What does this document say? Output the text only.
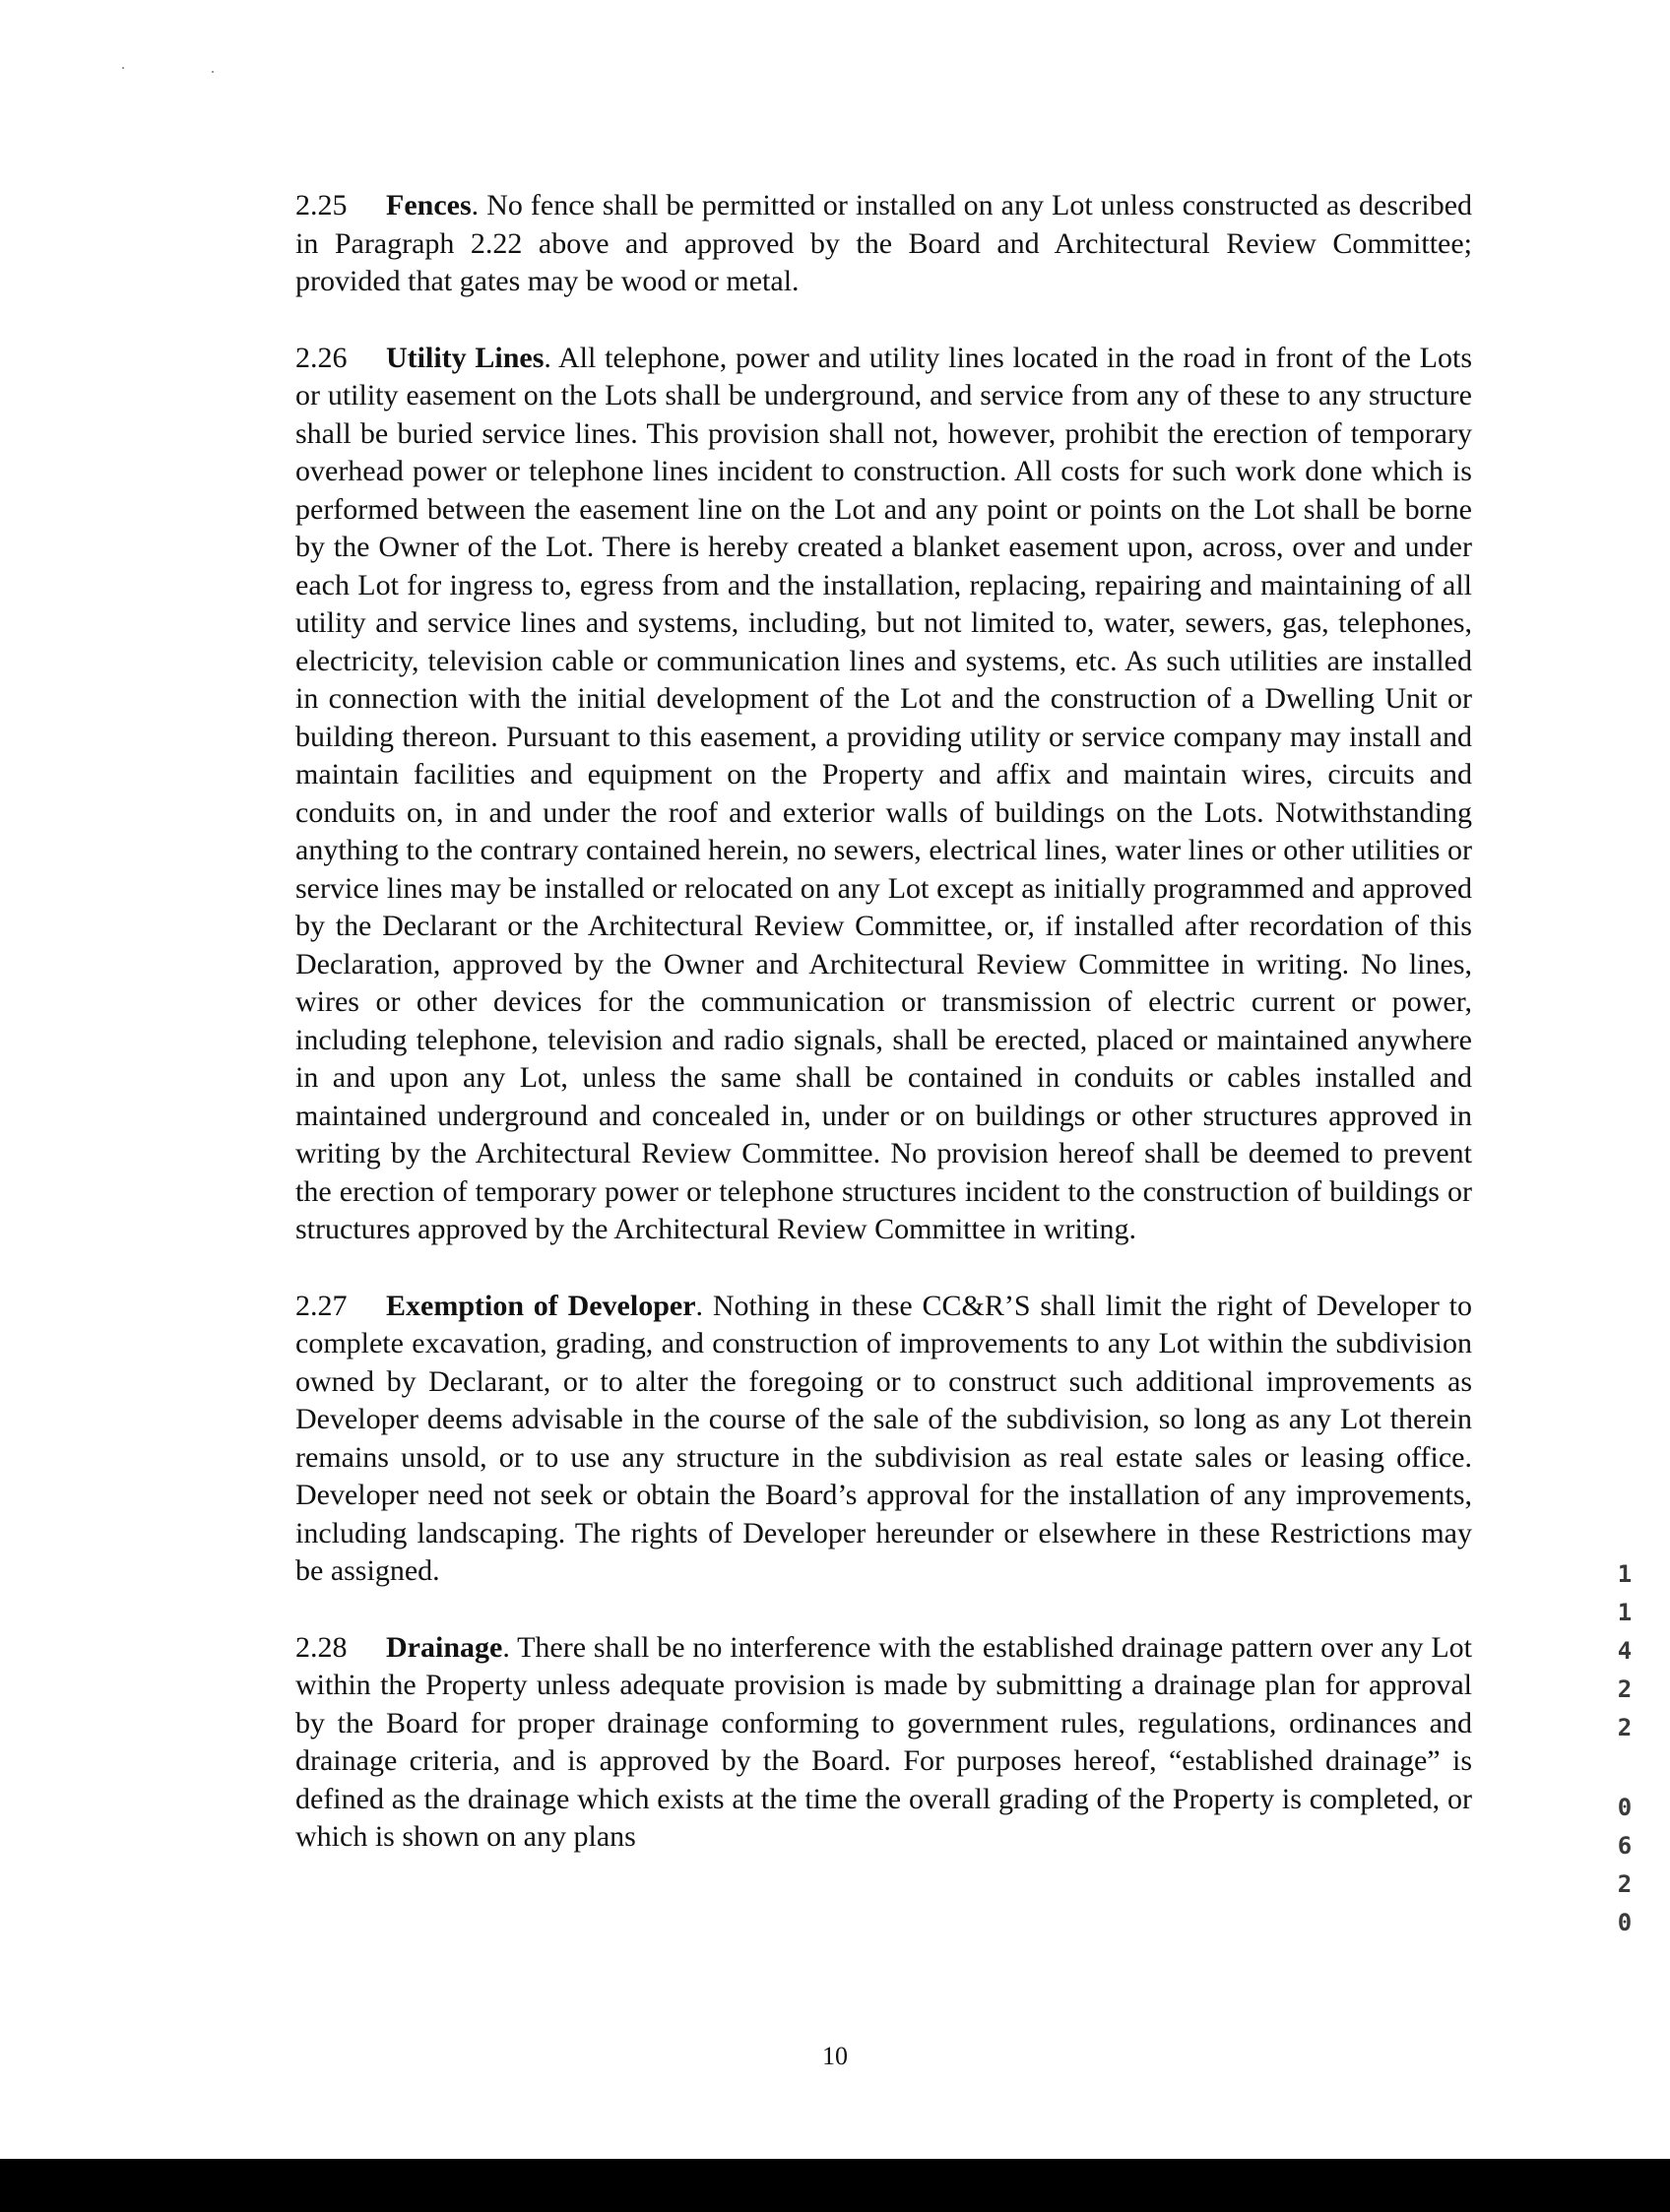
2.25 Fences. No fence shall be permitted or installed on any Lot unless constructed as described in Paragraph 2.22 above and approved by the Board and Architectural Review Committee; provided that gates may be wood or metal.

2.26 Utility Lines. All telephone, power and utility lines located in the road in front of the Lots or utility easement on the Lots shall be underground, and service from any of these to any structure shall be buried service lines. This provision shall not, however, prohibit the erection of temporary overhead power or telephone lines incident to construction. All costs for such work done which is performed between the easement line on the Lot and any point or points on the Lot shall be borne by the Owner of the Lot. There is hereby created a blanket easement upon, across, over and under each Lot for ingress to, egress from and the installation, replacing, repairing and maintaining of all utility and service lines and systems, including, but not limited to, water, sewers, gas, telephones, electricity, television cable or communication lines and systems, etc. As such utilities are installed in connection with the initial development of the Lot and the construction of a Dwelling Unit or building thereon. Pursuant to this easement, a providing utility or service company may install and maintain facilities and equipment on the Property and affix and maintain wires, circuits and conduits on, in and under the roof and exterior walls of buildings on the Lots. Notwithstanding anything to the contrary contained herein, no sewers, electrical lines, water lines or other utilities or service lines may be installed or relocated on any Lot except as initially programmed and approved by the Declarant or the Architectural Review Committee, or, if installed after recordation of this Declaration, approved by the Owner and Architectural Review Committee in writing. No lines, wires or other devices for the communication or transmission of electric current or power, including telephone, television and radio signals, shall be erected, placed or maintained anywhere in and upon any Lot, unless the same shall be contained in conduits or cables installed and maintained underground and concealed in, under or on buildings or other structures approved in writing by the Architectural Review Committee. No provision hereof shall be deemed to prevent the erection of temporary power or telephone structures incident to the construction of buildings or structures approved by the Architectural Review Committee in writing.

2.27 Exemption of Developer. Nothing in these CC&R’S shall limit the right of Developer to complete excavation, grading, and construction of improvements to any Lot within the subdivision owned by Declarant, or to alter the foregoing or to construct such additional improvements as Developer deems advisable in the course of the sale of the subdivision, so long as any Lot therein remains unsold, or to use any structure in the subdivision as real estate sales or leasing office. Developer need not seek or obtain the Board’s approval for the installation of any improvements, including landscaping. The rights of Developer hereunder or elsewhere in these Restrictions may be assigned.

2.28 Drainage. There shall be no interference with the established drainage pattern over any Lot within the Property unless adequate provision is made by submitting a drainage plan for approval by the Board for proper drainage conforming to government rules, regulations, ordinances and drainage criteria, and is approved by the Board. For purposes hereof, “established drainage” is defined as the drainage which exists at the time the overall grading of the Property is completed, or which is shown on any plans

10
1
1
4
2
2
0
6
2
0
